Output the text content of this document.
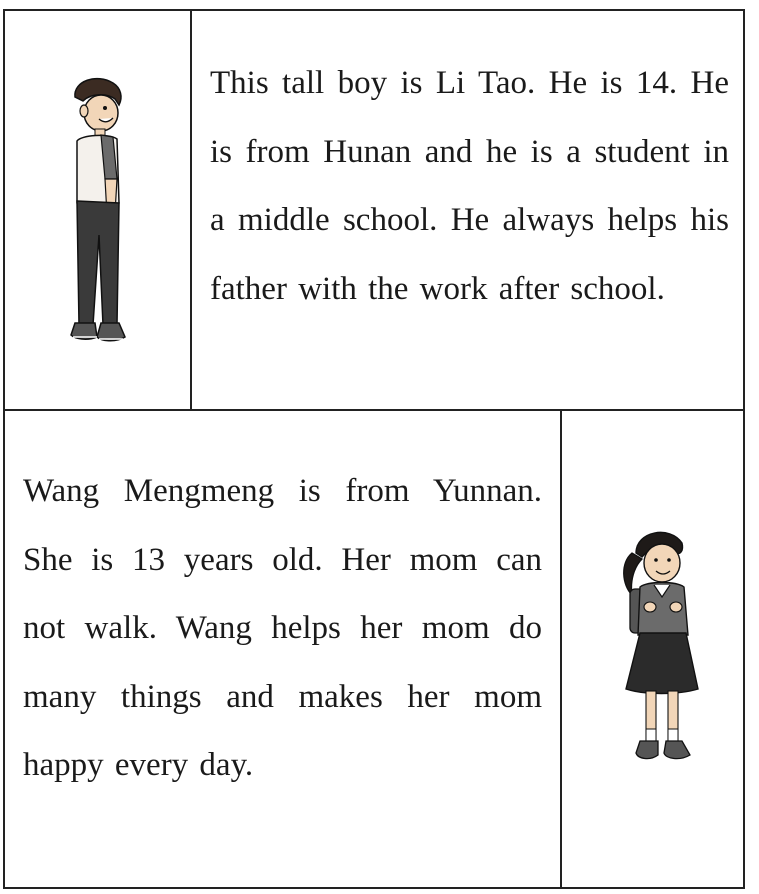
This tall boy is Li Tao. He is 14. He is from Hunan and he is a student in a middle school. He always helps his father with the work after school.

Wang Mengmeng is from Yunnan. She is 13 years old. Her mom can not walk. Wang helps her mom do many things and makes her mom happy every day.
